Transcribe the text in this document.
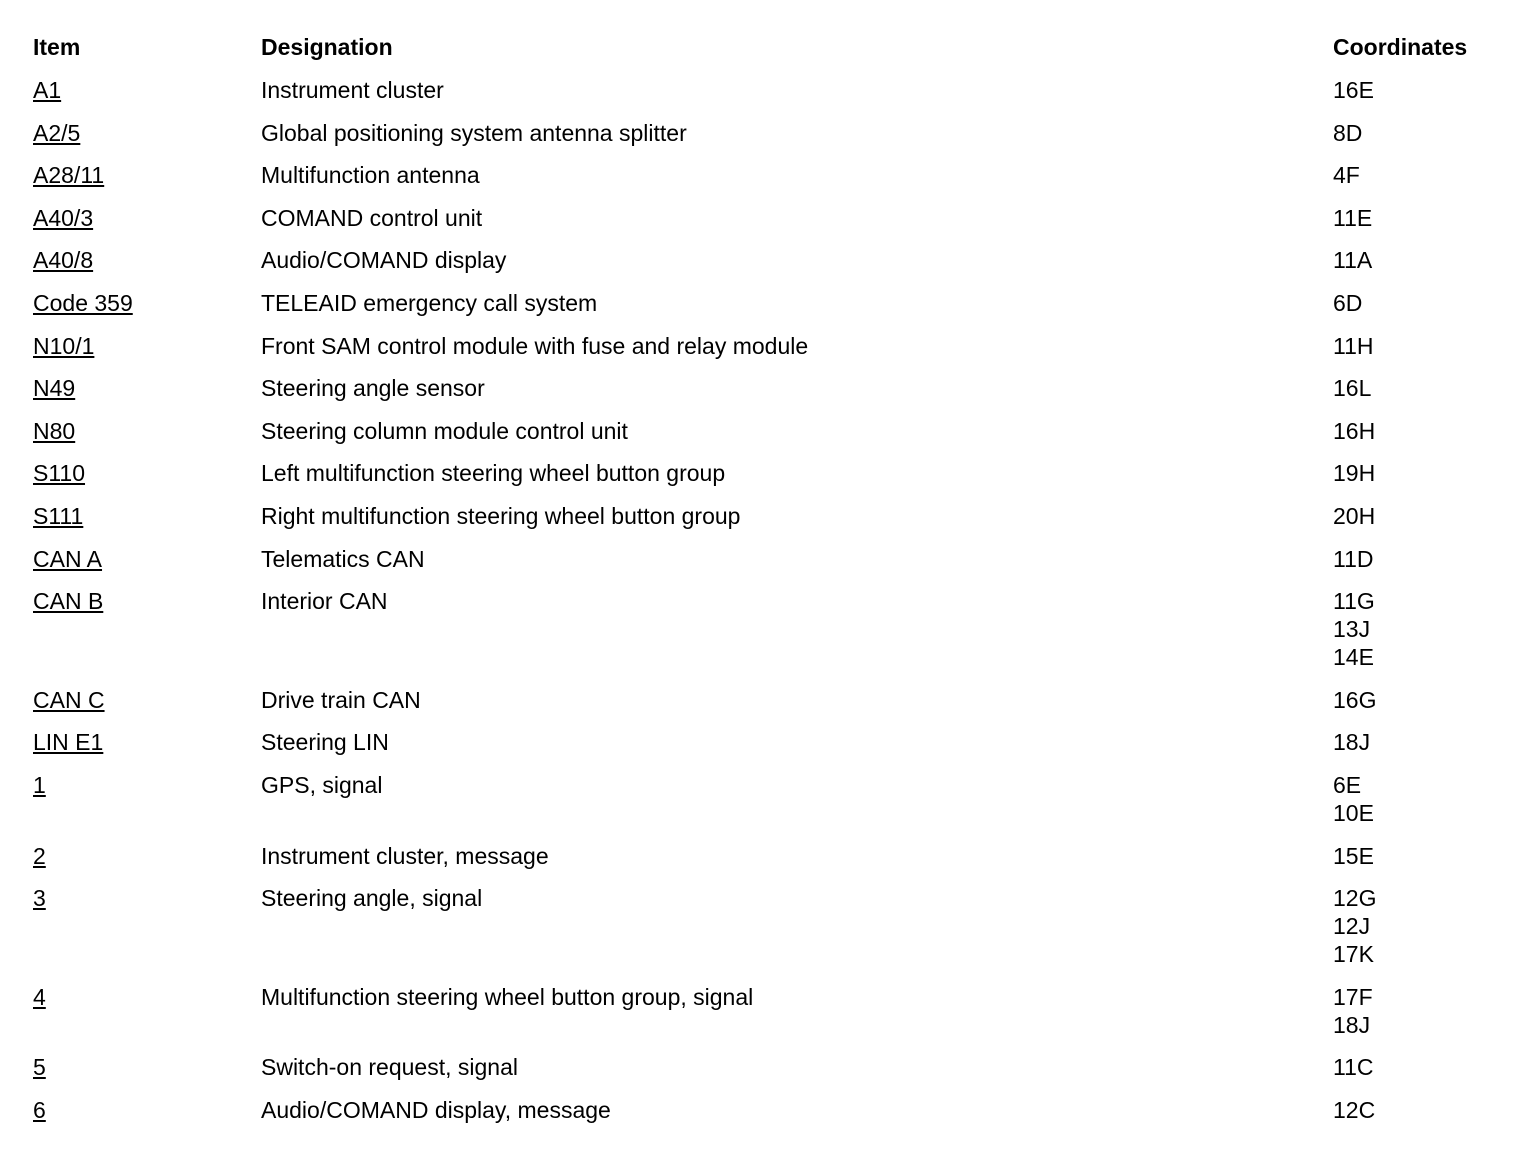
Item	Designation	Coordinates
A1	Instrument cluster	16E
A2/5	Global positioning system antenna splitter	8D
A28/11	Multifunction antenna	4F
A40/3	COMAND control unit	11E
A40/8	Audio/COMAND display	11A
Code 359	TELEAID emergency call system	6D
N10/1	Front SAM control module with fuse and relay module	11H
N49	Steering angle sensor	16L
N80	Steering column module control unit	16H
S110	Left multifunction steering wheel button group	19H
S111	Right multifunction steering wheel button group	20H
CAN A	Telematics CAN	11D
CAN B	Interior CAN	11G
13J
14E
CAN C	Drive train CAN	16G
LIN E1	Steering LIN	18J
1	GPS, signal	6E
10E
2	Instrument cluster, message	15E
3	Steering angle, signal	12G
12J
17K
4	Multifunction steering wheel button group, signal	17F
18J
5	Switch-on request, signal	11C
6	Audio/COMAND display, message	12C
